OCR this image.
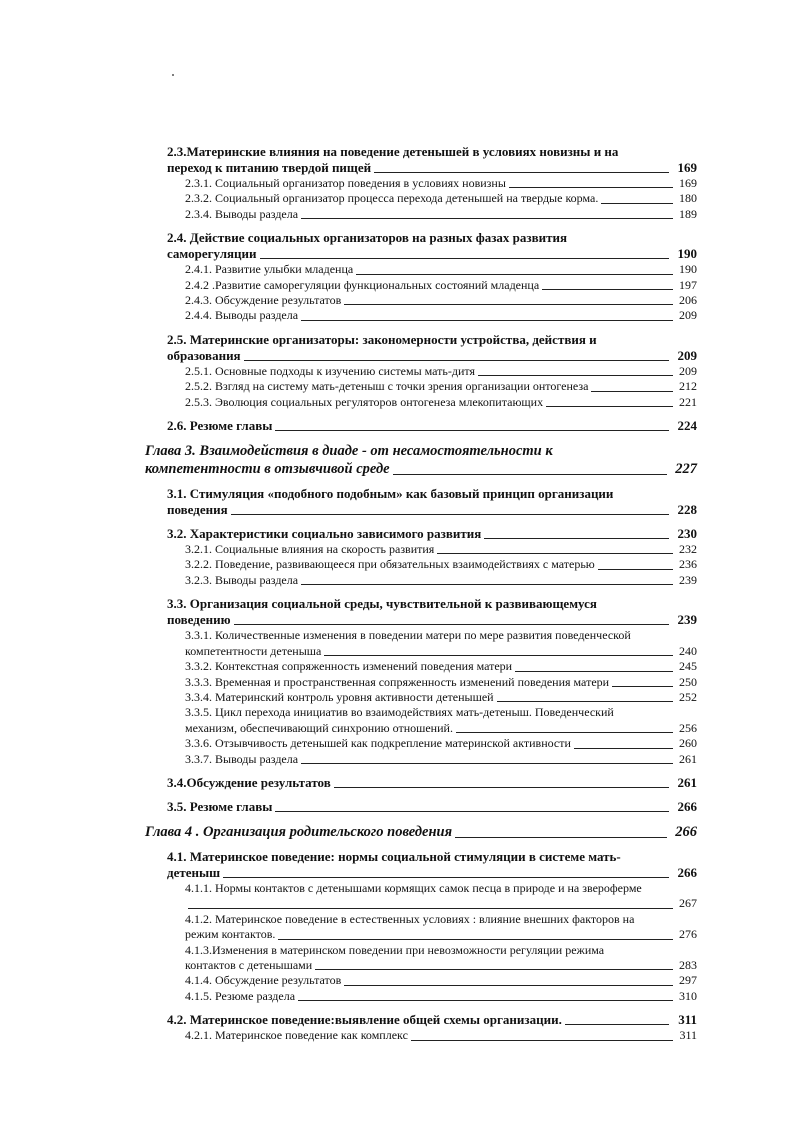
2.3.Материнские влияния на поведение детенышей в условиях новизны и на
переход к питанию твердой пищей	169
2.3.1. Социальный организатор поведения в условиях новизны	169
2.3.2. Социальный организатор процесса перехода детенышей на твердые корма.	180
2.3.4. Выводы раздела	189
2.4. Действие социальных организаторов на разных фазах развития
саморегуляции	190
2.4.1. Развитие улыбки младенца	190
2.4.2 .Развитие саморегуляции функциональных состояний младенца	197
2.4.3. Обсуждение результатов	206
2.4.4. Выводы раздела	209
2.5. Материнские организаторы: закономерности устройства, действия и
образования	209
2.5.1. Основные подходы к изучению системы мать-дитя	209
2.5.2. Взгляд на систему мать-детеныш с точки зрения организации онтогенеза	212
2.5.3. Эволюция социальных регуляторов онтогенеза млекопитающих	221
2.6. Резюме главы	224
Глава 3. Взаимодействия в диаде - от несамостоятельности к
компетентности в отзывчивой среде	227
3.1. Стимуляция «подобного подобным» как базовый принцип организации
поведения	228
3.2. Характеристики социально зависимого развития	230
3.2.1. Социальные влияния на скорость развития	232
3.2.2. Поведение, развивающееся при обязательных взаимодействиях с матерью	236
3.2.3. Выводы раздела	239
3.3. Организация социальной среды, чувствительной к развивающемуся
поведению	239
3.3.1. Количественные изменения в поведении матери по мере развития поведенческой
компетентности детеныша	240
3.3.2. Контекстная сопряженность изменений поведения матери	245
3.3.3. Временная и пространственная сопряженность изменений поведения матери	250
3.3.4. Материнский контроль уровня активности детенышей	252
3.3.5. Цикл перехода инициатив во взаимодействиях мать-детеныш. Поведенческий
механизм, обеспечивающий синхронию отношений.	256
3.3.6. Отзывчивость детенышей как подкрепление материнской активности	260
3.3.7. Выводы раздела	261
3.4.Обсуждение результатов	261
3.5. Резюме главы	266
Глава 4 . Организация родительского поведения	266
4.1. Материнское поведение: нормы социальной стимуляции в системе мать-
детеныш	266
4.1.1. Нормы контактов с детенышами кормящих самок песца в природе и на звероферме
267
4.1.2. Материнское поведение в естественных условиях : влияние внешних факторов на
режим контактов.	276
4.1.3.Изменения в материнском поведении при невозможности регуляции режима
контактов с детенышами	283
4.1.4. Обсуждение результатов	297
4.1.5. Резюме раздела	310
4.2. Материнское поведение:выявление общей схемы организации.	311
4.2.1. Материнское поведение как комплекс	311
